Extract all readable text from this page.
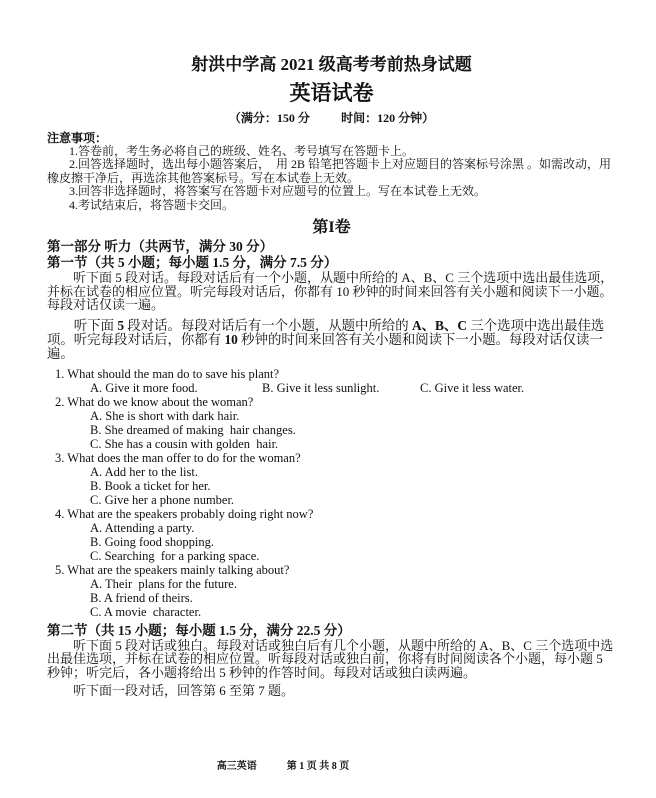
射洪中学高 2021 级高考考前热身试题
英语试卷
（满分：150 分	时间：120 分钟）
注意事项：

1.答卷前，考生务必将自己的班级、姓名、考号填写在答题卡上。

2.回答选择题时，选出每小题答案后，  用 2B 铅笔把答题卡上对应题目的答案标号涂黑 。如需改动，用橡皮擦干净后，再选涂其他答案标号。写在本试卷上无效。

3.回答非选择题时，将答案写在答题卡对应题号的位置上。写在本试卷上无效。

4.考试结束后，将答题卡交回。

第I卷
第一部分 听力（共两节，满分 30 分）
第一节（共 5 小题；每小题 1.5 分，满分 7.5 分）

听下面 5 段对话。每段对话后有一个小题，从题中所给的 A、B、C 三个选项中选出最佳选项，并标在试卷的相应位置。听完每段对话后，你都有 10 秒钟的时间来回答有关小题和阅读下一小题。每段对话仅读一遍。

听下面 5 段对话。每段对话后有一个小题，从题中所给的 A、B、C 三个选项中选出最佳选项。听完每段对话后，你都有 10 秒钟的时间来回答有关小题和阅读下一小题。每段对话仅读一遍。

1. What should the man do to save his plant?
A. Give it more food.	B. Give it less sunlight.	C. Give it less water.
2. What do we know about the woman?
A. She is short with dark hair.
B. She dreamed of making  hair changes.
C. She has a cousin with golden  hair.
3. What does the man offer to do for the woman?
A. Add her to the list.
B. Book a ticket for her.
C. Give her a phone number.
4. What are the speakers probably doing right now?
A. Attending a party.
B. Going food shopping.
C. Searching  for a parking space.
5. What are the speakers mainly talking about?
A. Their  plans for the future.
B. A friend of theirs.
C. A movie  character.
第二节（共 15 小题；每小题 1.5 分，满分 22.5 分）

听下面 5 段对话或独白。每段对话或独白后有几个小题，从题中所给的 A、B、C 三个选项中选出最佳选项，并标在试卷的相应位置。听每段对话或独白前，你将有时间阅读各个小题，每小题 5 秒钟；听完后，各小题将给出 5 秒钟的作答时间。每段对话或独白读两遍。

听下面一段对话，回答第 6 至第 7 题。

高三英语	第 1 页 共 8 页
